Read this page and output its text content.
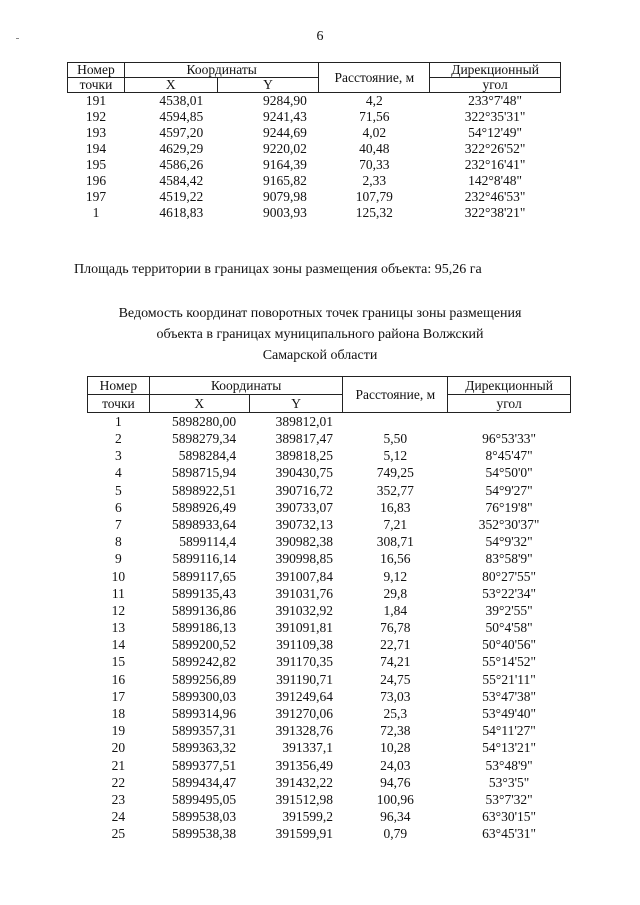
6
Номер	Координаты		Расстояние, м	Дирекционный
точки	X	Y		угол
191	4538,01	9284,90	4,2	233°7'48"
192	4594,85	9241,43	71,56	322°35'31"
193	4597,20	9244,69	4,02	54°12'49"
194	4629,29	9220,02	40,48	322°26'52"
195	4586,26	9164,39	70,33	232°16'41"
196	4584,42	9165,82	2,33	142°8'48"
197	4519,22	9079,98	107,79	232°46'53"
1	4618,83	9003,93	125,32	322°38'21"
Площадь территории в границах зоны размещения объекта: 95,26 га
Ведомость координат поворотных точек границы зоны размещения
объекта в границах муниципального района Волжский
Самарской области
Номер	Координаты		Расстояние, м	Дирекционный
точки	X	Y		угол
1	5898280,00	389812,01		
2	5898279,34	389817,47	5,50	96°53'33"
3	5898284,4	389818,25	5,12	8°45'47"
4	5898715,94	390430,75	749,25	54°50'0"
5	5898922,51	390716,72	352,77	54°9'27"
6	5898926,49	390733,07	16,83	76°19'8"
7	5898933,64	390732,13	7,21	352°30'37"
8	5899114,4	390982,38	308,71	54°9'32"
9	5899116,14	390998,85	16,56	83°58'9"
10	5899117,65	391007,84	9,12	80°27'55"
11	5899135,43	391031,76	29,8	53°22'34"
12	5899136,86	391032,92	1,84	39°2'55"
13	5899186,13	391091,81	76,78	50°4'58"
14	5899200,52	391109,38	22,71	50°40'56"
15	5899242,82	391170,35	74,21	55°14'52"
16	5899256,89	391190,71	24,75	55°21'11"
17	5899300,03	391249,64	73,03	53°47'38"
18	5899314,96	391270,06	25,3	53°49'40"
19	5899357,31	391328,76	72,38	54°11'27"
20	5899363,32	391337,1	10,28	54°13'21"
21	5899377,51	391356,49	24,03	53°48'9"
22	5899434,47	391432,22	94,76	53°3'5"
23	5899495,05	391512,98	100,96	53°7'32"
24	5899538,03	391599,2	96,34	63°30'15"
25	5899538,38	391599,91	0,79	63°45'31"
